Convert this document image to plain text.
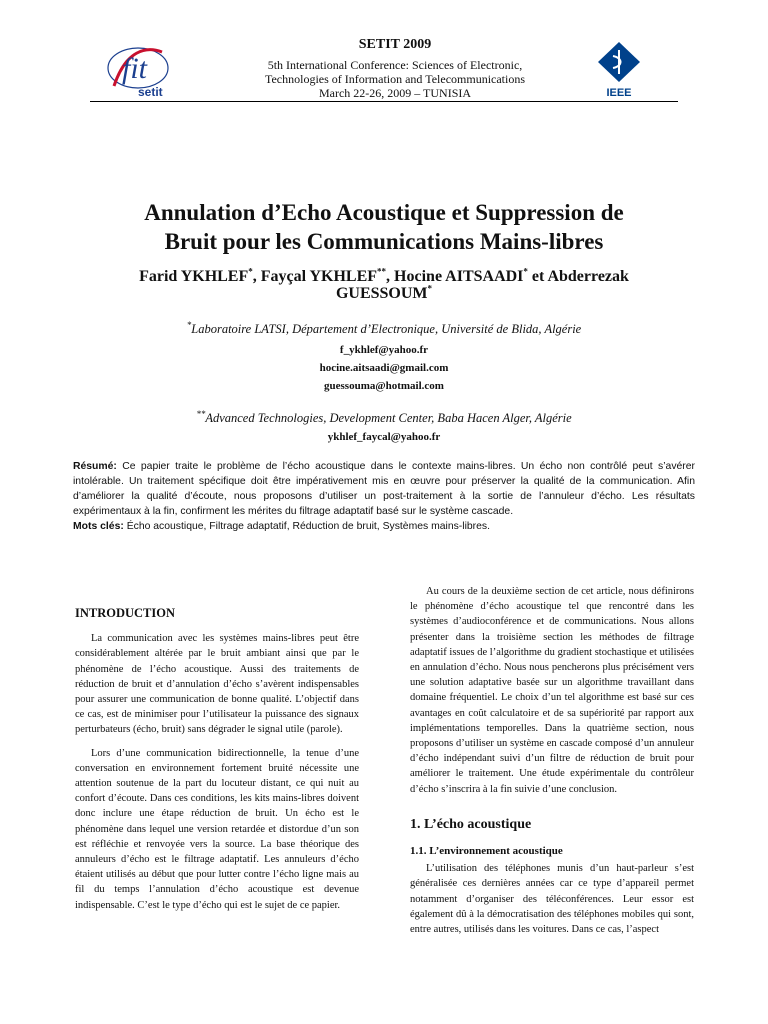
fit
setit	IEEE
SETIT 2009
5th International Conference: Sciences of Electronic,
Technologies of Information and Telecommunications
March 22-26, 2009 – TUNISIA
Annulation d’Echo Acoustique et Suppression de
Bruit pour les Communications Mains-libres
Farid YKHLEF*, Fayçal YKHLEF**, Hocine AITSAADI* et Abderrezak
GUESSOUM*
*Laboratoire LATSI, Département d’Electronique, Université de Blida, Algérie
f_ykhlef@yahoo.fr
hocine.aitsaadi@gmail.com
guessouma@hotmail.com
**Advanced Technologies, Development Center, Baba Hacen Alger, Algérie
ykhlef_faycal@yahoo.fr
Résumé: Ce papier traite le problème de l’écho acoustique dans le contexte mains-libres. Un écho non contrôlé peut s’avérer intolérable. Un traitement spécifique doit être impérativement mis en œuvre pour préserver la qualité de la communication. Afin d’améliorer la qualité d’écoute, nous proposons d’utiliser un post-traitement à la sortie de l’annuleur d’écho. Les résultats expérimentaux à la fin, confirment les mérites du filtrage adaptatif basé sur le système cascade.
Mots clés: Écho acoustique, Filtrage adaptatif, Réduction de bruit, Systèmes mains-libres.

INTRODUCTION

La communication avec les systèmes mains-libres peut être considérablement altérée par le bruit ambiant ainsi que par le phénomène de l’écho acoustique. Aussi des traitements de réduction de bruit et d’annulation d’écho s’avèrent indispensables pour assurer une communication de bonne qualité. L’objectif dans ce cas, est de minimiser pour l’utilisateur la puissance des signaux perturbateurs (écho, bruit) sans dégrader le signal utile (parole).

Lors d’une communication bidirectionnelle, la tenue d’une conversation en environnement fortement bruité nécessite une attention soutenue de la part du locuteur distant, ce qui nuit au confort d’écoute. Dans ces conditions, les kits mains-libres doivent donc inclure une étape réduction de bruit. Un écho est le phénomène dans lequel une version retardée et distordue d’un son est réfléchie et renvoyée vers la source. La base théorique des annuleurs d’écho est le filtrage adaptatif. Les annuleurs d’écho étaient utilisés au début que pour lutter contre l’écho ligne mais au fil du temps l’annulation d’écho acoustique est devenue indispensable. C’est le type d’écho qui est le sujet de ce papier.

Au cours de la deuxième section de cet article, nous définirons le phénomène d’écho acoustique tel que rencontré dans les systèmes d’audioconférence et de communications. Nous allons présenter dans la troisième section les méthodes de filtrage adaptatif issues de l’algorithme du gradient stochastique et utilisées en annulation d’écho. Nous nous pencherons plus précisément vers une solution adaptative basée sur un algorithme travaillant dans domaine fréquentiel. Le choix d’un tel algorithme est basé sur ces avantages en coût calculatoire et de sa supériorité par rapport aux implémentations temporelles. Dans la quatrième section, nous proposons d’utiliser un système en cascade composé d’un annuleur d’écho indépendant suivi d’un filtre de réduction de bruit pour améliorer le traitement. Une étude expérimentale du contrôleur d’écho s’inscrira à la fin suivie d’une conclusion.

1. L’écho acoustique

1.1. L’environnement acoustique

L’utilisation des téléphones munis d’un haut-parleur s’est généralisée ces dernières années car ce type d’appareil permet notamment d’organiser des téléconférences. Leur essor est également dû à la démocratisation des téléphones mobiles qui sont, entre autres, utilisés dans les voitures. Dans ce cas, l’aspect
